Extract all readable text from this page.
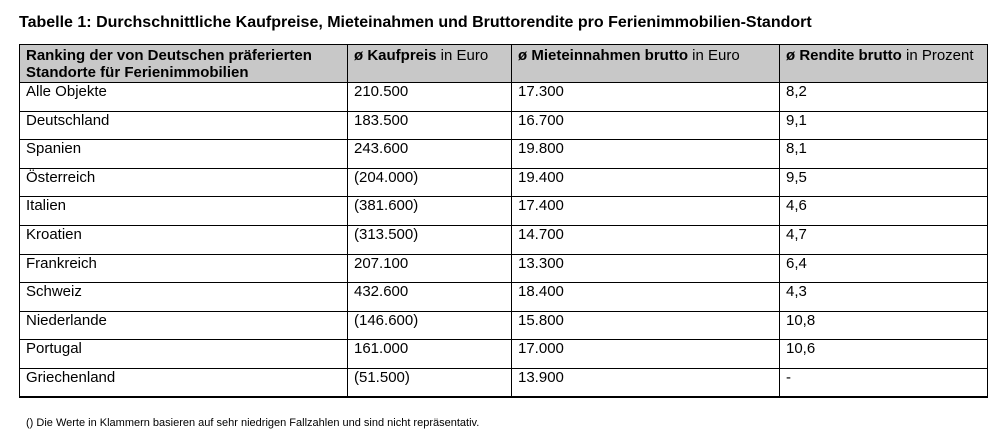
Tabelle 1: Durchschnittliche Kaufpreise, Mieteinahmen und Bruttorendite pro Ferienimmobilien-Standort
Ranking der von Deutschen präferierten Standorte für Ferienimmobilien	ø Kaufpreis in Euro	ø Mieteinnahmen brutto in Euro	ø Rendite brutto in Prozent
Alle Objekte	210.500	17.300	8,2
Deutschland	183.500	16.700	9,1
Spanien	243.600	19.800	8,1
Österreich	(204.000)	19.400	9,5
Italien	(381.600)	17.400	4,6
Kroatien	(313.500)	14.700	4,7
Frankreich	207.100	13.300	6,4
Schweiz	432.600	18.400	4,3
Niederlande	(146.600)	15.800	10,8
Portugal	161.000	17.000	10,6
Griechenland	(51.500)	13.900	-
() Die Werte in Klammern basieren auf sehr niedrigen Fallzahlen und sind nicht repräsentativ.
